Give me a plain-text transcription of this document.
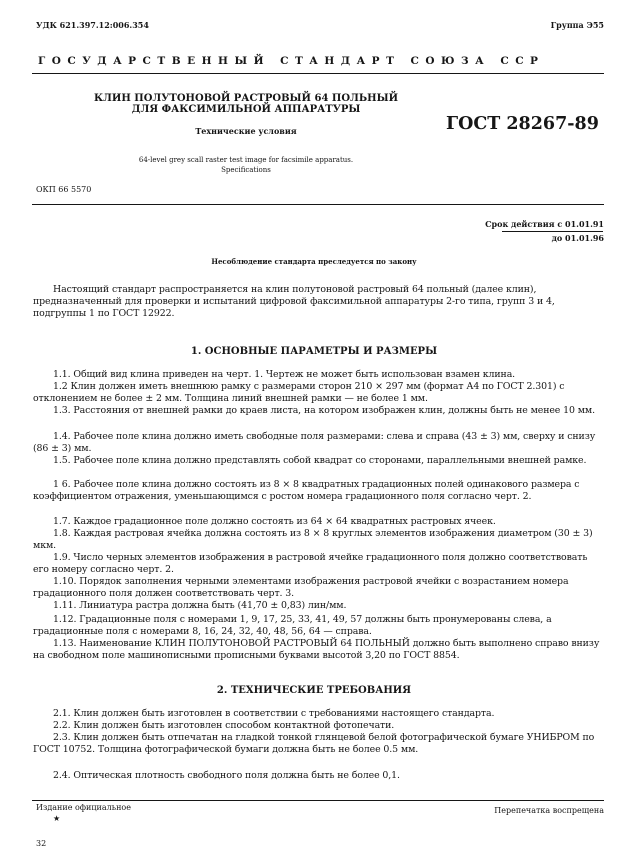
УДК 621.397.12:006.354	Группа Э55
ГОСУДАРСТВЕННЫЙ СТАНДАРТ СОЮЗА ССР
КЛИН ПОЛУТОНОВОЙ РАСТРОВЫЙ 64 ПОЛЬНЫЙ
ДЛЯ ФАКСИМИЛЬНОЙ АППАРАТУРЫ
Технические условия
64-level grey scall raster test image for facsimile apparatus.
Specifications
ГОСТ 28267-89
ОКП 66 5570
Срок действия с 01.01.91
до 01.01.96
Несоблюдение стандарта преследуется по закону
Настоящий стандарт распространяется на клин полутоновой растровый 64 польный (далее клин), предназначенный для проверки и испытаний цифровой факсимильной аппаратуры 2-го типа, групп 3 и 4, подгруппы 1 по ГОСТ 12922.
1. ОСНОВНЫЕ ПАРАМЕТРЫ И РАЗМЕРЫ
1.1. Общий вид клина приведен на черт. 1. Чертеж не может быть использован взамен клина.
1.2 Клин должен иметь внешнюю рамку с размерами сторон 210 × 297 мм (формат А4 по ГОСТ 2.301) с отклонением не более ± 2 мм. Толщина линий внешней рамки — не более 1 мм.
1.3. Расстояния от внешней рамки до краев листа, на котором изображен клин, должны быть не менее 10 мм.
1.4. Рабочее поле клина должно иметь свободные поля размерами: слева и справа (43 ± 3) мм, сверху и снизу (86 ± 3) мм.
1.5. Рабочее поле клина должно представлять собой квадрат со сторонами, параллельными внешней рамке.
1 6. Рабочее поле клина должно состоять из 8 × 8 квадратных градационных полей одинакового размера с коэффициентом отражения, уменьшающимся с ростом номера градационного поля согласно черт. 2.
1.7. Каждое градационное поле должно состоять из 64 × 64 квадратных растровых ячеек.
1.8. Каждая растровая ячейка должна состоять из 8 × 8 круглых элементов изображения диаметром (30 ± 3) мкм.
1.9. Число черных элементов изображения в растровой ячейке градационного поля должно соответствовать его номеру согласно черт. 2.
1.10. Порядок заполнения черными элементами изображения растровой ячейки с возрастанием номера градационного поля должен соответствовать черт. 3.
1.11. Линиатура растра должна быть (41,70 ± 0,83) лин/мм.
1.12. Градационные поля с номерами 1, 9, 17, 25, 33, 41, 49, 57 должны быть пронумерованы слева, а градационные поля с номерами 8, 16, 24, 32, 40, 48, 56, 64 — справа.
1.13. Наименование КЛИН ПОЛУТОНОВОЙ РАСТРОВЫЙ 64 ПОЛЬНЫЙ должно быть выполнено справо внизу на свободном поле машинописными прописными буквами высотой 3,20 по ГОСТ 8854.
2. ТЕХНИЧЕСКИЕ ТРЕБОВАНИЯ
2.1. Клин должен быть изготовлен в соответствии с требованиями настоящего стандарта.
2.2. Клин должен быть изготовлен способом контактной фотопечати.
2.3. Клин должен быть отпечатан на гладкой тонкой глянцевой белой фотографической бумаге УНИБРОМ по ГОСТ 10752. Толщина фотографической бумаги должна быть не более 0.5 мм.
2.4. Оптическая плотность свободного поля должна быть не более 0,1.
Издание официальное
★
Перепечатка воспрещена
32
